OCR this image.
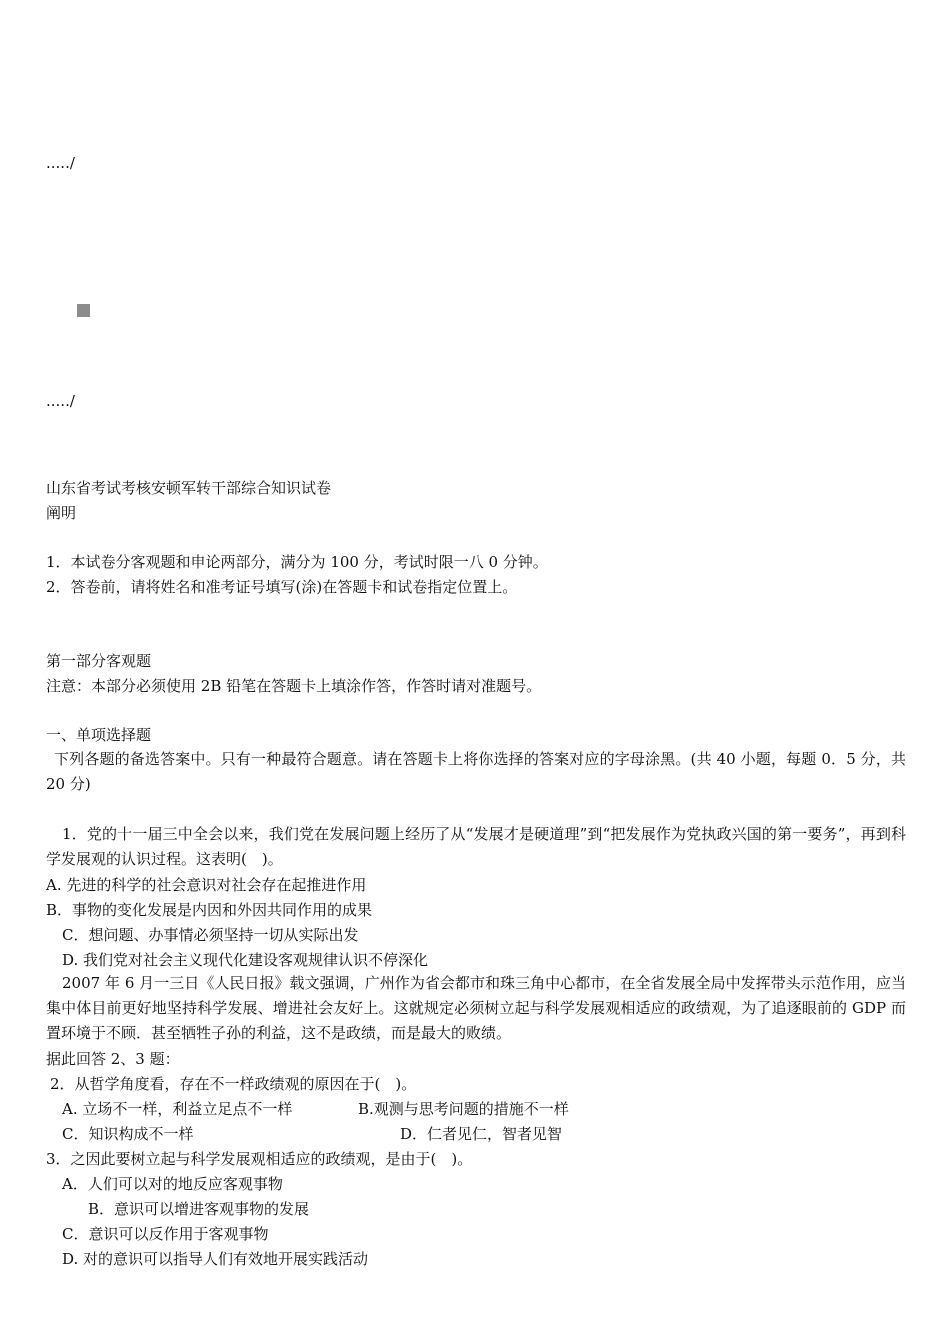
...../
...../
山东省考试考核安顿军转干部综合知识试卷
阐明
1．本试卷分客观题和申论两部分，满分为 100 分，考试时限一八 0 分钟。
2．答卷前，请将姓名和准考证号填写(涂)在答题卡和试卷指定位置上。
第一部分客观题
注意：本部分必须使用 2B 铅笔在答题卡上填涂作答，作答时请对准题号。
一、单项选择题
下列各题的备选答案中。只有一种最符合题意。请在答题卡上将你选择的答案对应的字母涂黑。(共 40 小题，每题 0．5 分，共 20 分)
1．党的十一届三中全会以来，我们党在发展问题上经历了从“发展才是硬道理”到“把发展作为党执政兴国的第一要务”，再到科学发展观的认识过程。这表明(　)。
A. 先进的科学的社会意识对社会存在起推进作用
B．事物的变化发展是内因和外因共同作用的成果
C．想问题、办事情必须坚持一切从实际出发
D. 我们党对社会主义现代化建设客观规律认识不停深化
2007 年 6 月一三日《人民日报》载文强调，广州作为省会都市和珠三角中心都市，在全省发展全局中发挥带头示范作用，应当集中体目前更好地坚持科学发展、增进社会友好上。这就规定必须树立起与科学发展观相适应的政绩观，为了追逐眼前的 GDP 而置环境于不顾．甚至牺牲子孙的利益，这不是政绩，而是最大的败绩。
据此回答 2、3 题：
2．从哲学角度看，存在不一样政绩观的原因在于(　)。
A. 立场不一样，利益立足点不一样	B.观测与思考问题的措施不一样
C．知识构成不一样	D．仁者见仁，智者见智
3．之因此要树立起与科学发展观相适应的政绩观，是由于(　)。
A．人们可以对的地反应客观事物
B．意识可以增进客观事物的发展
C．意识可以反作用于客观事物
D. 对的意识可以指导人们有效地开展实践活动
